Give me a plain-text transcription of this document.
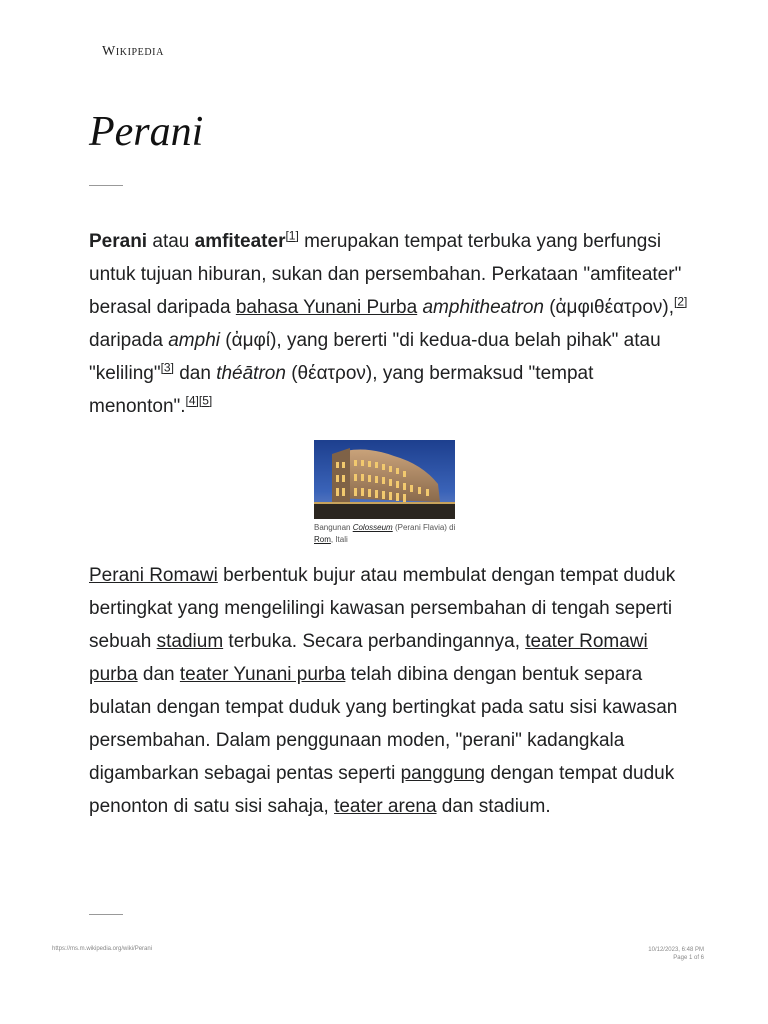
Wikipedia
Perani

Perani atau amfiteater[1] merupakan tempat terbuka yang berfungsi untuk tujuan hiburan, sukan dan persembahan. Perkataan "amfiteater" berasal daripada bahasa Yunani Purba amphitheatron (ἀμφιθέατρον),[2] daripada amphi (ἀμφί), yang bererti "di kedua-dua belah pihak" atau "keliling"[3] dan théātron (θέατρον), yang bermaksud "tempat menonton".[4][5]

Bangunan Colosseum (Perani Flavia) di Rom, Itali

Perani Romawi berbentuk bujur atau membulat dengan tempat duduk bertingkat yang mengelilingi kawasan persembahan di tengah seperti sebuah stadium terbuka. Secara perbandingannya, teater Romawi purba dan teater Yunani purba telah dibina dengan bentuk separa bulatan dengan tempat duduk yang bertingkat pada satu sisi kawasan persembahan. Dalam penggunaan moden, "perani" kadangkala digambarkan sebagai pentas seperti panggung dengan tempat duduk penonton di satu sisi sahaja, teater arena dan stadium.

https://ms.m.wikipedia.org/wiki/Perani	10/12/2023, 6:48 PM
Page 1 of 6
